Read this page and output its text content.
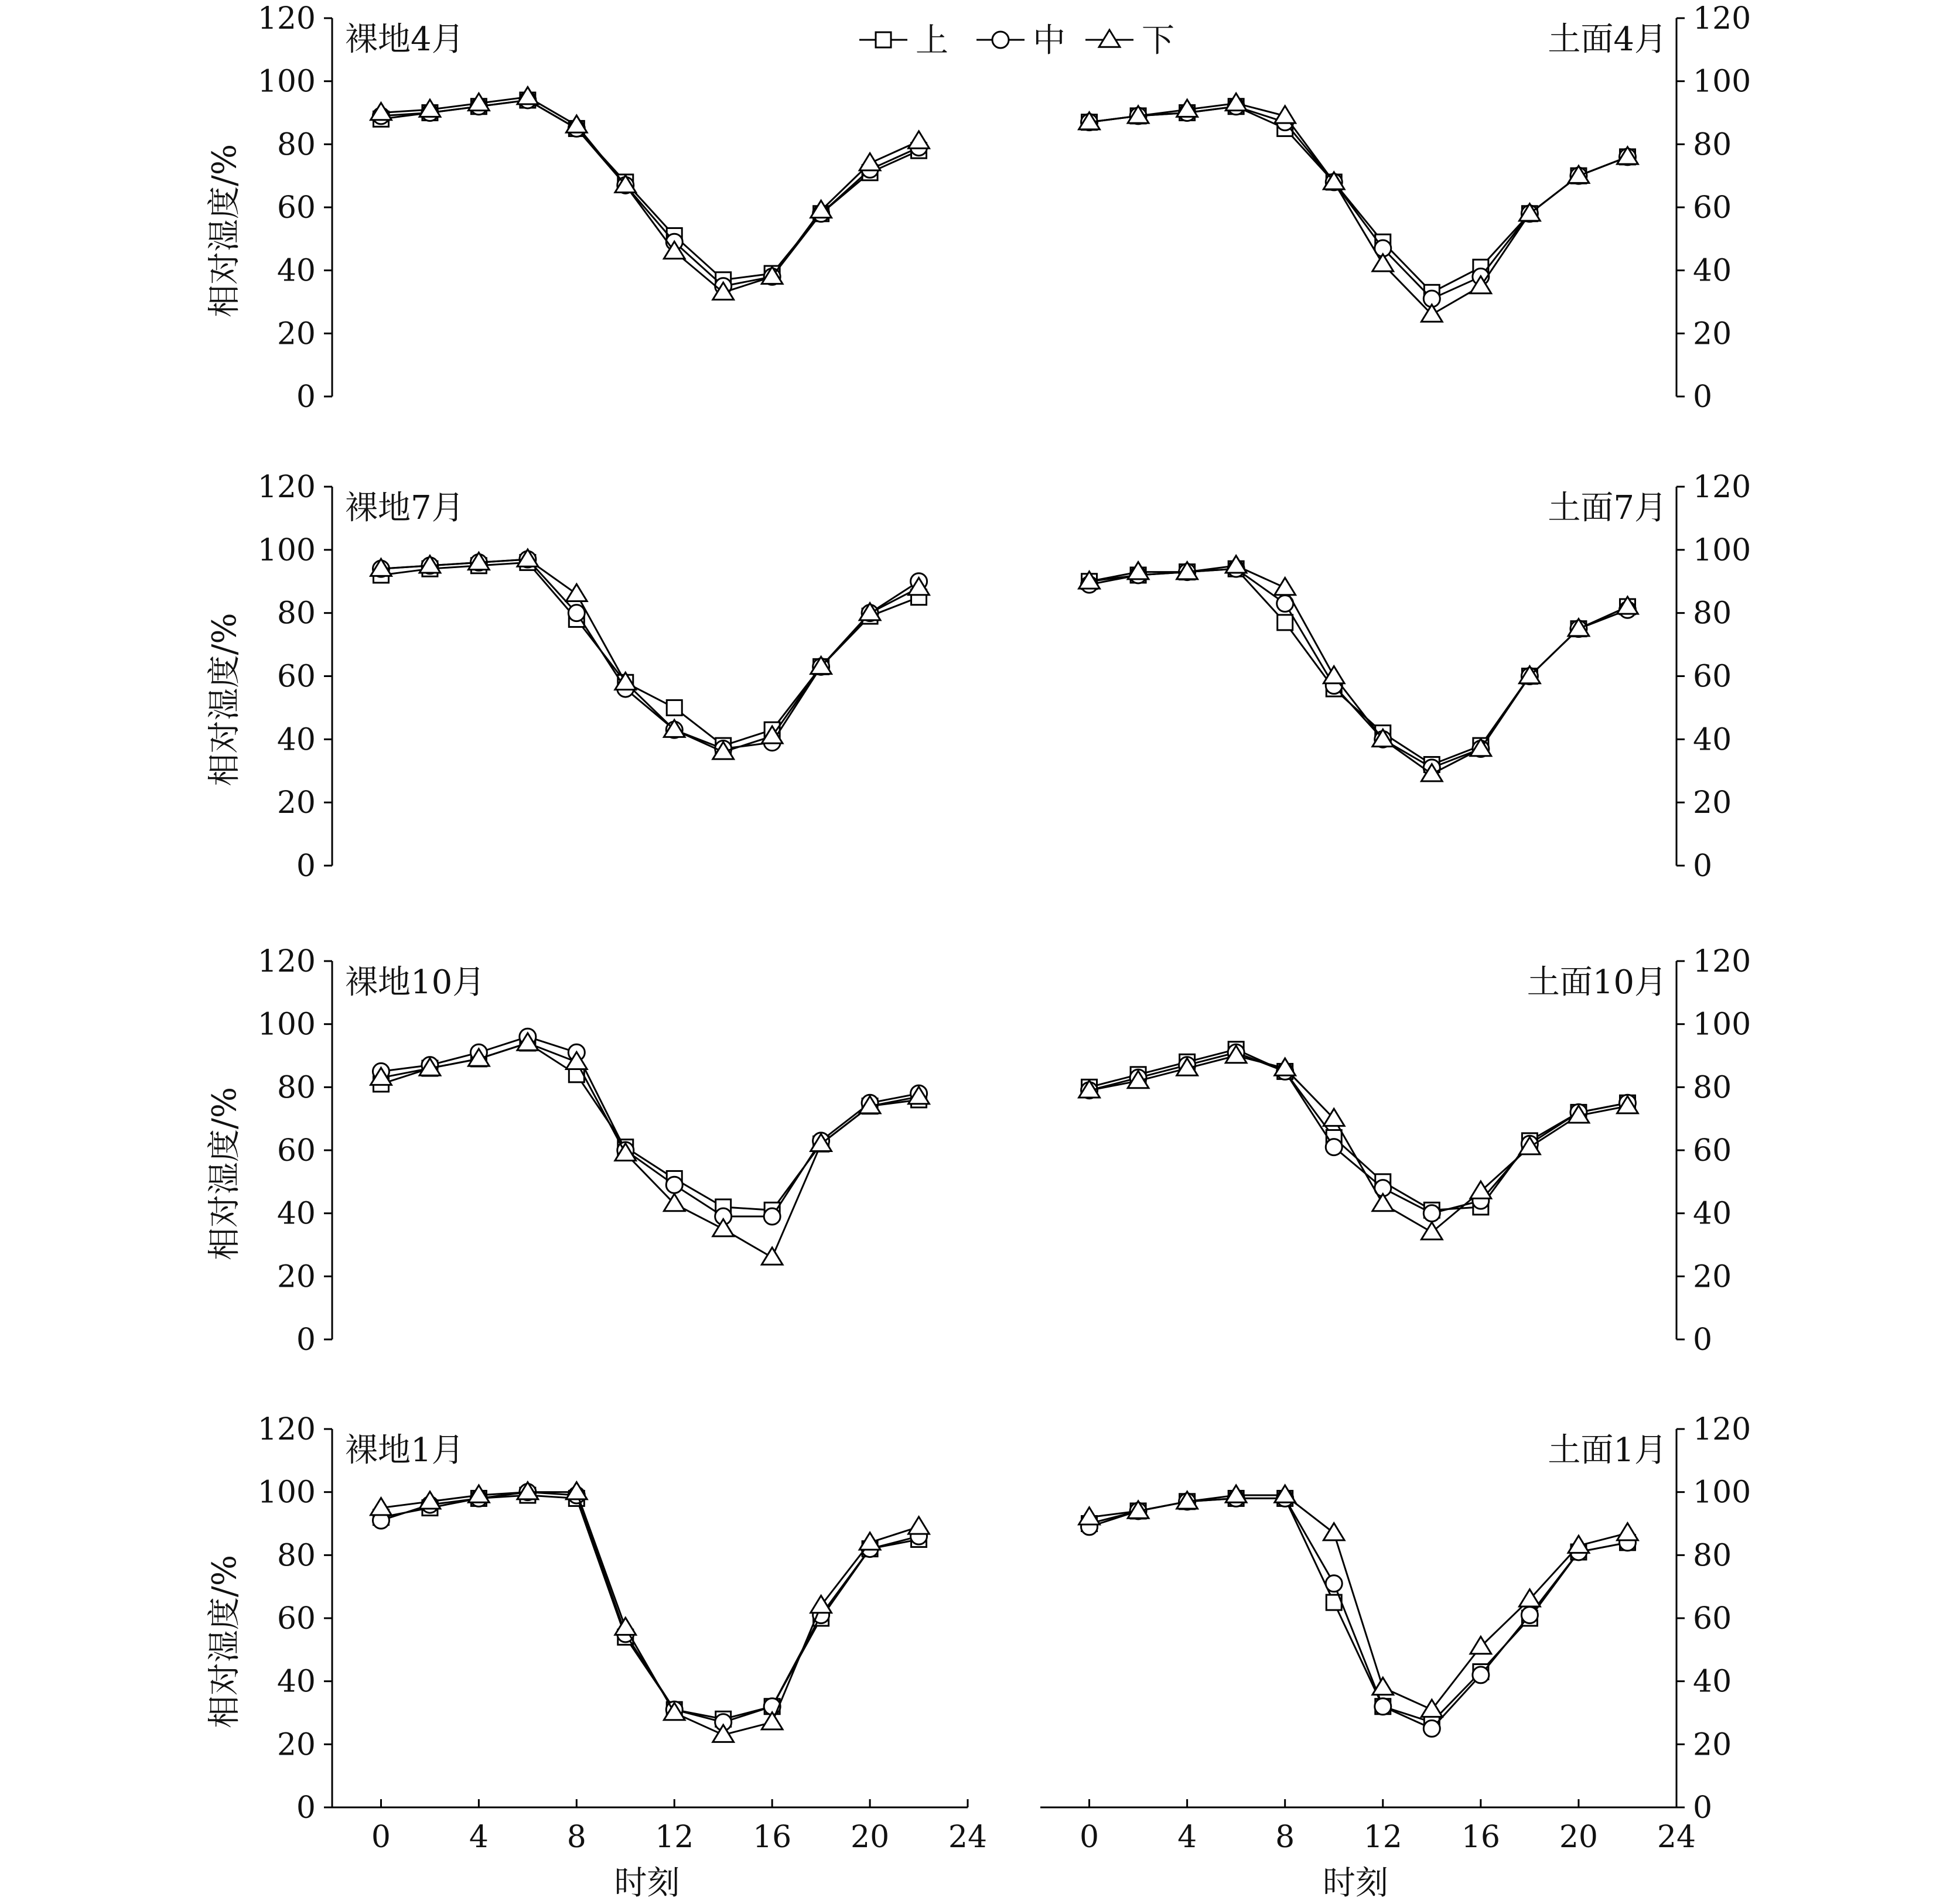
上	中 下
0
20
40
60
80
100
120
相对湿度/%
裸地4月
0
20
40
60
80
100
120
土面4月
0
20
40
60
80
100
120
相对湿度/%
裸地7月
0
20
40
60
80
100
120
土面7月
0
20
40
60
80
100
120
相对湿度/%
裸地10月
0
20
40
60
80
100
120
土面10月
0
20
40
60
80
100
120
相对湿度/%
裸地1月
0	4	8 12 16 20 24
时刻
0
20
40
60
80
100
120
土面1月
0	4	8 12 16 20 24
时刻
